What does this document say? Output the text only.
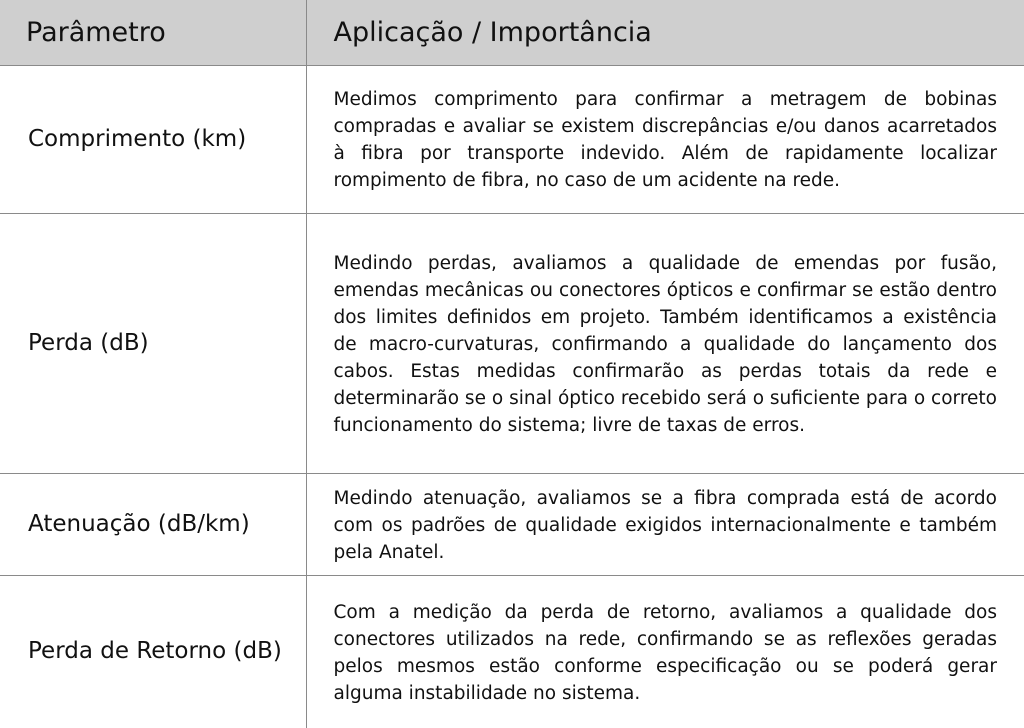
Parâmetro	Aplicação / Importância
Comprimento (km)	Medimos comprimento para confirmar a metragem de bobinas compradas e avaliar se existem discrepâncias e/ou danos acarretados à fibra por transporte indevido. Além de rapidamente localizar rompimento de fibra, no caso de um acidente na rede.
Perda (dB)	Medindo perdas, avaliamos a qualidade de emendas por fusão, emendas mecânicas ou conectores ópticos e confirmar se estão dentro dos limites definidos em projeto. Também identificamos a existência de macro-curvaturas, confirmando a qualidade do lançamento dos cabos. Estas medidas confirmarão as perdas totais da rede e determinarão se o sinal óptico recebido será o suficiente para o correto funcionamento do sistema; livre de taxas de erros.
Atenuação (dB/km)	Medindo atenuação, avaliamos se a fibra comprada está de acordo com os padrões de qualidade exigidos internacionalmente e também pela Anatel.
Perda de Retorno (dB)	Com a medição da perda de retorno, avaliamos a qualidade dos conectores utilizados na rede, confirmando se as reflexões geradas pelos mesmos estão conforme especificação ou se poderá gerar alguma instabilidade no sistema.
